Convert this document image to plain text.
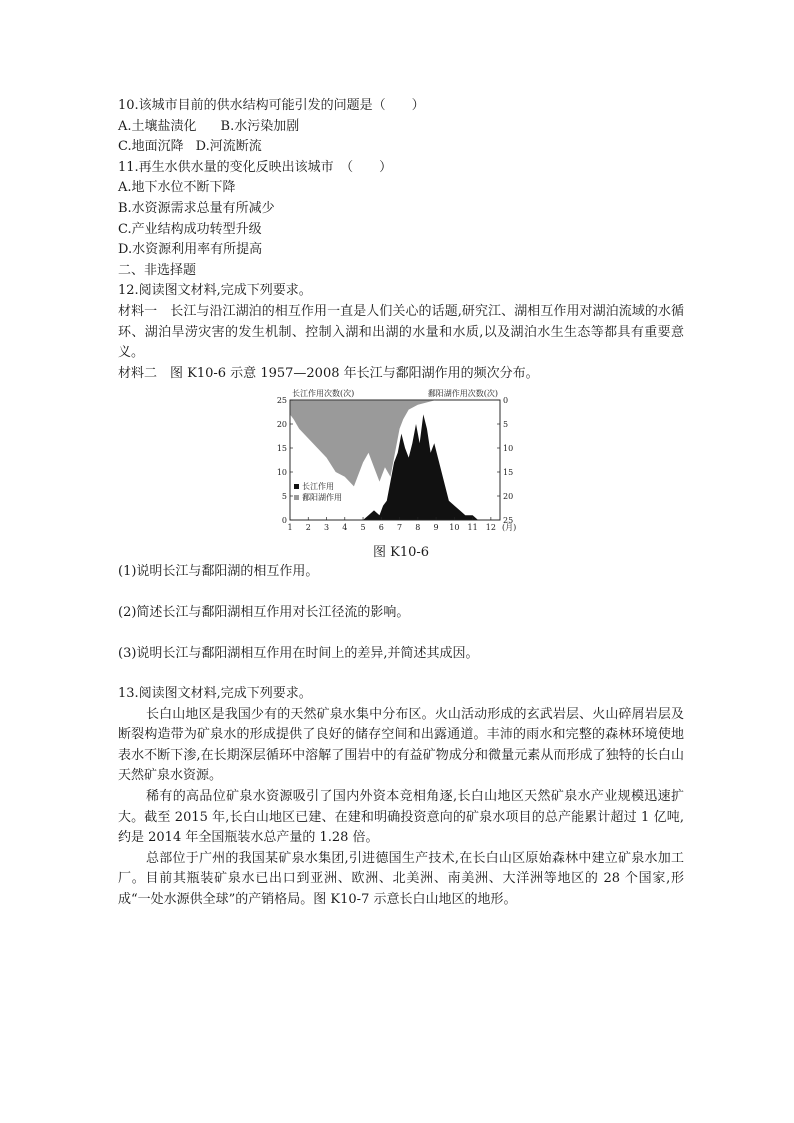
10.该城市目前的供水结构可能引发的问题是（　　）
A.土壤盐渍化 B.水污染加剧
C.地面沉降 D.河流断流
11.再生水供水量的变化反映出该城市　（　　）
A.地下水位不断下降
B.水资源需求总量有所减少
C.产业结构成功转型升级
D.水资源利用率有所提高
二、非选择题
12.阅读图文材料,完成下列要求。
材料一　长江与沿江湖泊的相互作用一直是人们关心的话题,研究江、湖相互作用对湖泊流域的水循环、湖泊旱涝灾害的发生机制、控制入湖和出湖的水量和水质,以及湖泊水生生态等都具有重要意义。
材料二　图 K10-6 示意 1957—2008 年长江与鄱阳湖作用的频次分布。
0
5
10
15
20
25	0
5
10
15
20
25
1 2 3 4 5 6 7 8 9 10 11 12 (月)
长江作用次数(次)	鄱阳湖作用次数(次)
长江作用
鄱阳湖作用
图 K10-6
(1)说明长江与鄱阳湖的相互作用。
(2)简述长江与鄱阳湖相互作用对长江径流的影响。
(3)说明长江与鄱阳湖相互作用在时间上的差异,并简述其成因。
13.阅读图文材料,完成下列要求。
长白山地区是我国少有的天然矿泉水集中分布区。火山活动形成的玄武岩层、火山碎屑岩层及断裂构造带为矿泉水的形成提供了良好的储存空间和出露通道。丰沛的雨水和完整的森林环境使地表水不断下渗,在长期深层循环中溶解了围岩中的有益矿物成分和微量元素从而形成了独特的长白山天然矿泉水资源。
稀有的高品位矿泉水资源吸引了国内外资本竞相角逐,长白山地区天然矿泉水产业规模迅速扩大。截至 2015 年,长白山地区已建、在建和明确投资意向的矿泉水项目的总产能累计超过 1 亿吨,约是 2014 年全国瓶装水总产量的 1.28 倍。
总部位于广州的我国某矿泉水集团,引进德国生产技术,在长白山区原始森林中建立矿泉水加工厂。目前其瓶装矿泉水已出口到亚洲、欧洲、北美洲、南美洲、大洋洲等地区的 28 个国家,形成“一处水源供全球”的产销格局。图 K10-7 示意长白山地区的地形。
